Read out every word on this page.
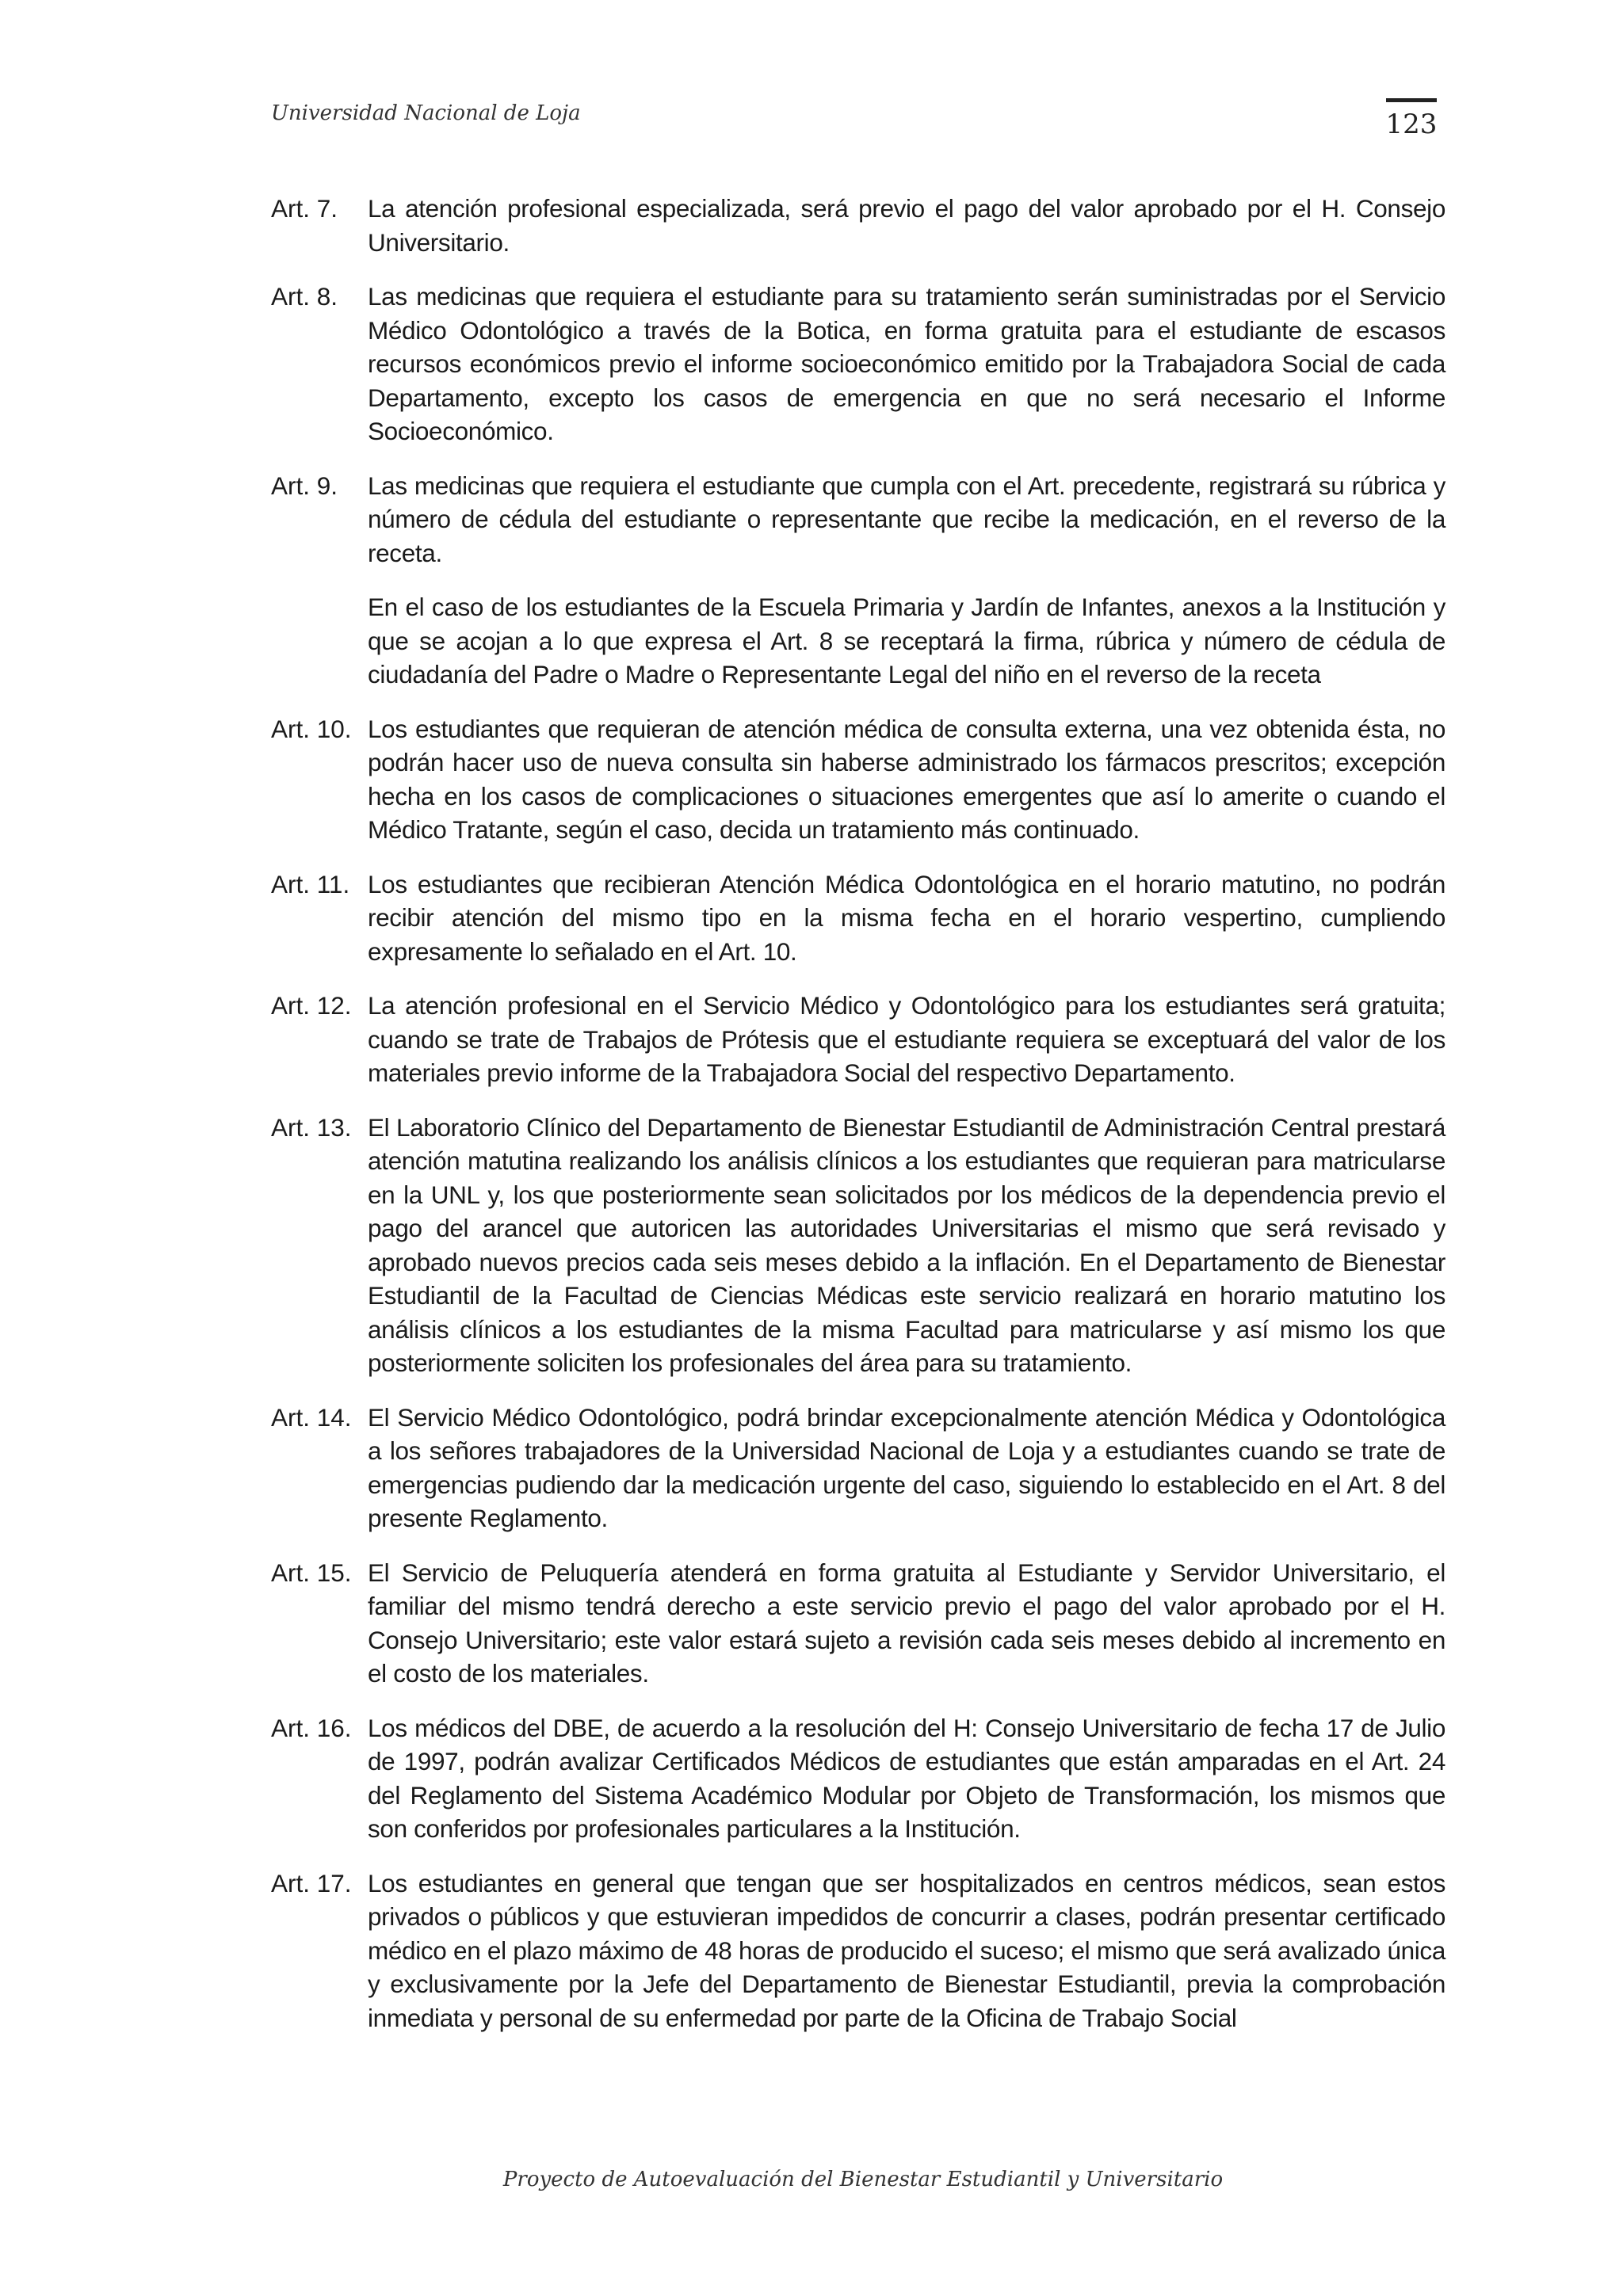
Universidad Nacional de Loja	123
Art. 7.	La atención profesional especializada, será previo el pago del valor aprobado por el H. Consejo Universitario.

Art. 8.	Las medicinas que requiera el estudiante para su tratamiento serán suministradas por el Servicio Médico Odontológico a través de la Botica, en forma gratuita para el estudiante de escasos recursos económicos previo el informe socioeconómico emitido por la Trabajadora Social de cada Departamento, excepto los casos de emergencia en que no será necesario el Informe Socioeconómico.

Art. 9.	Las medicinas que requiera el estudiante que cumpla con el Art. precedente, registrará su rúbrica y número de cédula del estudiante o representante que recibe la medicación, en el reverso de la receta.

En el caso de los estudiantes de la Escuela Primaria y Jardín de Infantes, anexos a la Institución y que se acojan a lo que expresa el Art. 8 se receptará la firma, rúbrica y número de cédula de ciudadanía del Padre o Madre o Representante Legal del niño en el reverso de la receta

Art. 10. Los estudiantes que requieran de atención médica de consulta externa, una vez obtenida ésta, no podrán hacer uso de nueva consulta sin haberse administrado los fármacos prescritos; excepción hecha en los casos de complicaciones o situaciones emergentes que así lo amerite o cuando el Médico Tratante, según el caso, decida un tratamiento más continuado.

Art. 11. Los estudiantes que recibieran Atención Médica Odontológica en el horario matutino, no podrán recibir atención del mismo tipo en la misma fecha en el horario vespertino, cumpliendo expresamente lo señalado en el Art. 10.

Art. 12. La atención profesional en el Servicio Médico y Odontológico para los estudiantes será gratuita; cuando se trate de Trabajos de Prótesis que el estudiante requiera se exceptuará del valor de los materiales previo informe de la Trabajadora Social del respectivo Departamento.

Art. 13. El Laboratorio Clínico del Departamento de Bienestar Estudiantil de Administración Central prestará atención matutina realizando los análisis clínicos a los estudiantes que requieran para matricularse en la UNL y, los que posteriormente sean solicitados por los médicos de la dependencia previo el pago del arancel que autoricen las autoridades Universitarias el mismo que será revisado y aprobado nuevos precios cada seis meses debido a la inflación. En el Departamento de Bienestar Estudiantil de la Facultad de Ciencias Médicas este servicio realizará en horario matutino los análisis clínicos a los estudiantes de la misma Facultad para matricularse y así mismo los que posteriormente soliciten los profesionales del área para su tratamiento.

Art. 14. El Servicio Médico Odontológico, podrá brindar excepcionalmente atención Médica y Odontológica a los señores trabajadores de la Universidad Nacional de Loja y a estudiantes cuando se trate de emergencias pudiendo dar la medicación urgente del caso, siguiendo lo establecido en el Art. 8 del presente Reglamento.

Art. 15. El Servicio de Peluquería atenderá en forma gratuita al Estudiante y Servidor Universitario, el familiar del mismo tendrá derecho a este servicio previo el pago del valor aprobado por el H. Consejo Universitario; este valor estará sujeto a revisión cada seis meses debido al incremento en el costo de los materiales.

Art. 16. Los médicos del DBE, de acuerdo a la resolución del H: Consejo Universitario de fecha 17 de Julio de 1997, podrán avalizar Certificados Médicos de estudiantes que están amparadas en el Art. 24 del Reglamento del Sistema Académico Modular por Objeto de Transformación, los mismos que son conferidos por profesionales particulares a la Institución.

Art. 17. Los estudiantes en general que tengan que ser hospitalizados en centros médicos, sean estos privados o públicos y que estuvieran impedidos de concurrir a clases, podrán presentar certificado médico en el plazo máximo de 48 horas de producido el suceso; el mismo que será avalizado única y exclusivamente por la Jefe del Departamento de Bienestar Estudiantil, previa la comprobación inmediata y personal de su enfermedad por parte de la Oficina de Trabajo Social

Proyecto de Autoevaluación del Bienestar Estudiantil y Universitario
